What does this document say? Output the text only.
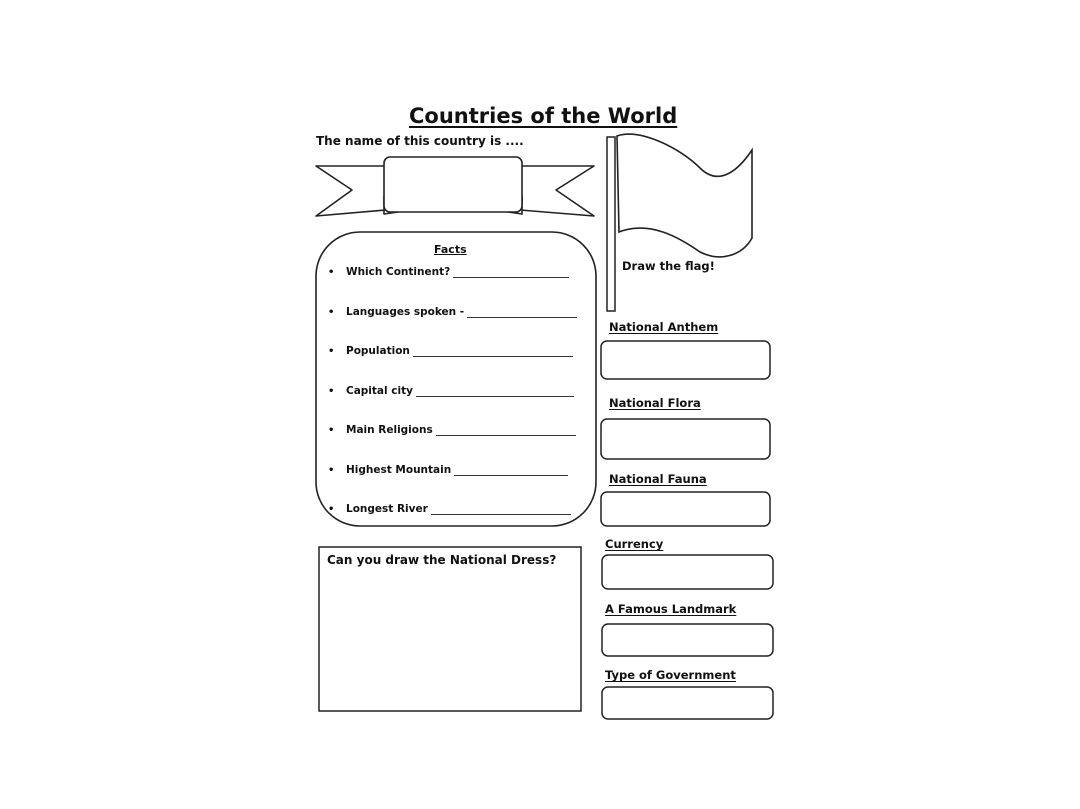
Countries of the World
The name of this country is ....
Facts
•	Which Continent?
•	Languages spoken -
•	Population
•	Capital city
•	Main Religions
•	Highest Mountain
•	Longest River
Draw the flag!
National Anthem
National Flora
National Fauna
Currency
A Famous Landmark
Type of Government
Can you draw the National Dress?
